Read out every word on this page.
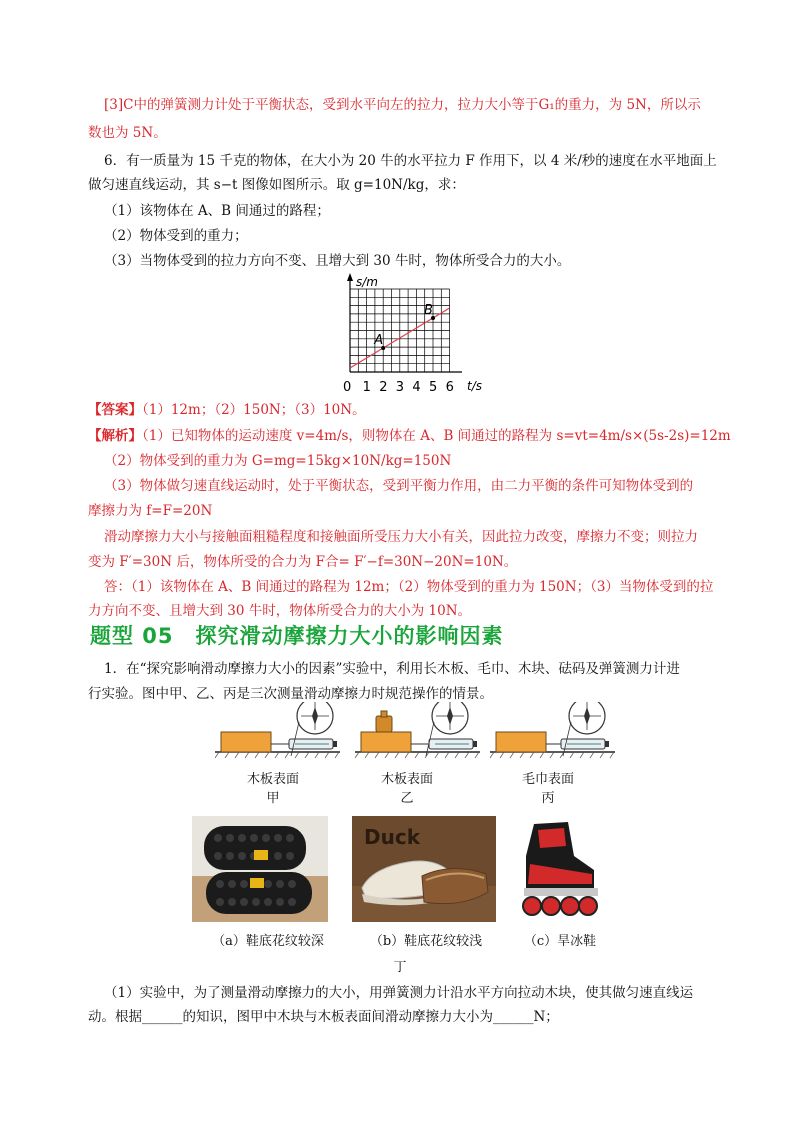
[3]C中的弹簧测力计处于平衡状态，受到水平向左的拉力，拉力大小等于G₁的重力，为 5N，所以示
数也为 5N。
6．有一质量为 15 千克的物体，在大小为 20 牛的水平拉力 F 作用下，以 4 米/秒的速度在水平地面上
做匀速直线运动，其 s−t 图像如图所示。取 g=10N/kg，求：
（1）该物体在 A、B 间通过的路程；
（2）物体受到的重力；
（3）当物体受到的拉力方向不变、且增大到 30 牛时，物体所受合力的大小。
s/m
t/s
0 1 2 3 4 5 6
A
B
【答案】（1）12m；（2）150N；（3）10N。
【解析】（1）已知物体的运动速度 v=4m/s，则物体在 A、B 间通过的路程为 s=vt=4m/s×(5s-2s)=12m
（2）物体受到的重力为 G=mg=15kg×10N/kg=150N
（3）物体做匀速直线运动时，处于平衡状态，受到平衡力作用，由二力平衡的条件可知物体受到的
摩擦力为 f=F=20N
滑动摩擦力大小与接触面粗糙程度和接触面所受压力大小有关，因此拉力改变，摩擦力不变；则拉力
变为 F′=30N 后，物体所受的合力为 F合= F′−f=30N−20N=10N。
答：（1）该物体在 A、B 间通过的路程为 12m；（2）物体受到的重力为 150N；（3）当物体受到的拉
力方向不变、且增大到 30 牛时，物体所受合力的大小为 10N。
题型 05　探究滑动摩擦力大小的影响因素
1．在“探究影响滑动摩擦力大小的因素”实验中，利用长木板、毛巾、木块、砝码及弹簧测力计进
行实验。图中甲、乙、丙是三次测量滑动摩擦力时规范操作的情景。
木板表面
甲
木板表面
乙
毛巾表面
丙
Duck
（a）鞋底花纹较深	（b）鞋底花纹较浅	（c）旱冰鞋
丁
（1）实验中，为了测量滑动摩擦力的大小，用弹簧测力计沿水平方向拉动木块，使其做匀速直线运
动。根据______的知识，图甲中木块与木板表面间滑动摩擦力大小为______N；
